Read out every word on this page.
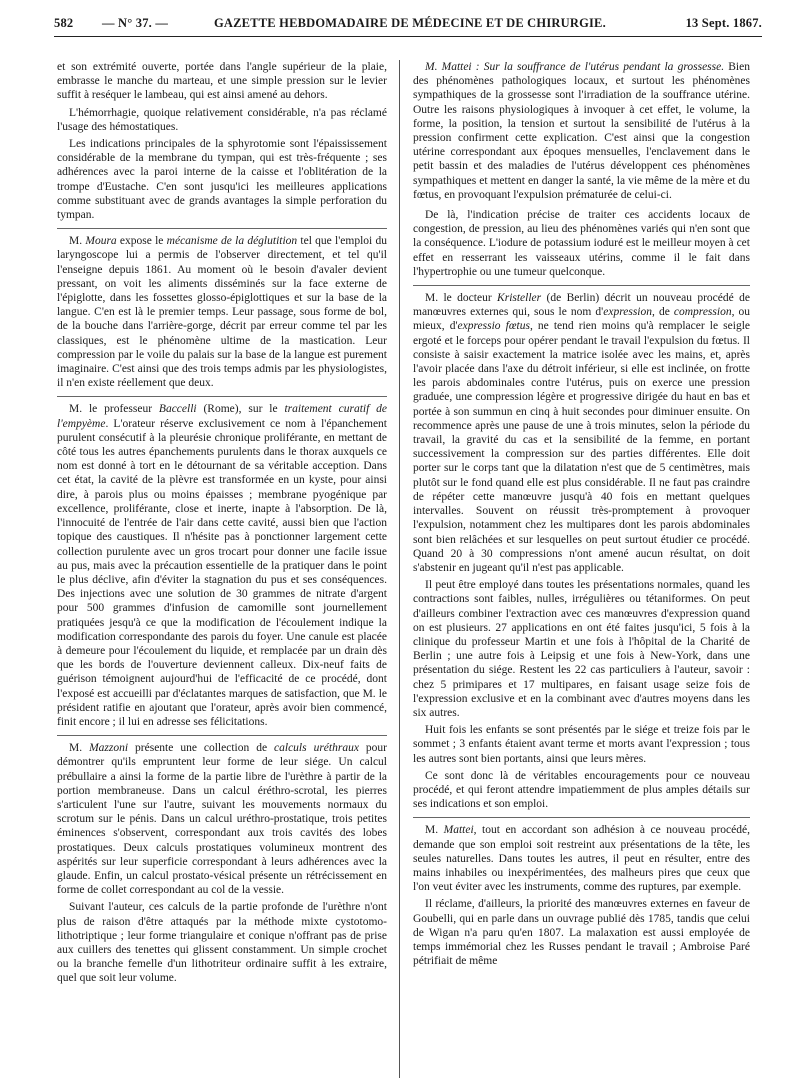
582 — N° 37. —	GAZETTE HEBDOMADAIRE DE MÉDECINE ET DE CHIRURGIE.	13 Sept. 1867.

et son extrémité ouverte, portée dans l'angle supérieur de la plaie, embrasse le manche du marteau, et une simple pression sur le levier suffit à reséquer le lambeau, qui est ainsi amené au dehors.

L'hémorrhagie, quoique relativement considérable, n'a pas réclamé l'usage des hémostatiques.

Les indications principales de la sphyrotomie sont l'épaississement considérable de la membrane du tympan, qui est très-fréquente ; ses adhérences avec la paroi interne de la caisse et l'oblitération de la trompe d'Eustache. C'en sont jusqu'ici les meilleures applications comme substituant avec de grands avantages la simple perforation du tympan.

M. Moura expose le mécanisme de la déglutition tel que l'emploi du laryngoscope lui a permis de l'observer directement, et tel qu'il l'enseigne depuis 1861. Au moment où le besoin d'avaler devient pressant, on voit les aliments disséminés sur la face externe de l'épiglotte, dans les fossettes glosso-épiglottiques et sur la base de la langue. C'en est là le premier temps. Leur passage, sous forme de bol, de la bouche dans l'arrière-gorge, décrit par erreur comme tel par les classiques, est le phénomène ultime de la mastication. Leur compression par le voile du palais sur la base de la langue est purement imaginaire. C'est ainsi que des trois temps admis par les physiologistes, il n'en existe réellement que deux.

M. le professeur Baccelli (Rome), sur le traitement curatif de l'empyème. L'orateur réserve exclusivement ce nom à l'épanchement purulent consécutif à la pleurésie chronique proliférante, en mettant de côté tous les autres épanchements purulents dans le thorax auxquels ce nom est donné à tort en le détournant de sa véritable acception. Dans cet état, la cavité de la plèvre est transformée en un kyste, pour ainsi dire, à parois plus ou moins épaisses ; membrane pyogénique par excellence, proliférante, close et inerte, inapte à l'absorption. De là, l'innocuité de l'entrée de l'air dans cette cavité, aussi bien que l'action topique des caustiques. Il n'hésite pas à ponctionner largement cette collection purulente avec un gros trocart pour donner une facile issue au pus, mais avec la précaution essentielle de la pratiquer dans le point le plus déclive, afin d'éviter la stagnation du pus et ses conséquences. Des injections avec une solution de 30 grammes de nitrate d'argent pour 500 grammes d'infusion de camomille sont journellement pratiquées jesqu'à ce que la modification de l'écoulement indique la modification correspondante des parois du foyer. Une canule est placée à demeure pour l'écoulement du liquide, et remplacée par un drain dès que les bords de l'ouverture deviennent calleux. Dix-neuf faits de guérison témoignent aujourd'hui de l'efficacité de ce procédé, dont l'exposé est accueilli par d'éclatantes marques de satisfaction, que M. le président ratifie en ajoutant que l'orateur, après avoir bien commencé, finit encore ; il lui en adresse ses félicitations.

M. Mazzoni présente une collection de calculs uréthraux pour démontrer qu'ils empruntent leur forme de leur siége. Un calcul prébullaire a ainsi la forme de la partie libre de l'urèthre à partir de la portion membraneuse. Dans un calcul éréthro-scrotal, les pierres s'articulent l'une sur l'autre, suivant les mouvements normaux du scrotum sur le pénis. Dans un calcul uréthro-prostatique, trois petites éminences s'observent, correspondant aux trois cavités des lobes prostatiques. Deux calculs prostatiques volumineux montrent des aspérités sur leur superficie correspondant à leurs adhérences avec la glaude. Enfin, un calcul prostato-vésical présente un rétrécissement en forme de collet correspondant au col de la vessie.

Suivant l'auteur, ces calculs de la partie profonde de l'urèthre n'ont plus de raison d'être attaqués par la méthode mixte cystotomo-lithotriptique ; leur forme triangulaire et conique n'offrant pas de prise aux cuillers des tenettes qui glissent constamment. Un simple crochet ou la branche femelle d'un lithotriteur ordinaire suffit à les extraire, quel que soit leur volume.

M. Mattei : Sur la souffrance de l'utérus pendant la grossesse. Bien des phénomènes pathologiques locaux, et surtout les phénomènes sympathiques de la grossesse sont l'irradiation de la souffrance utérine. Outre les raisons physiologiques à invoquer à cet effet, le volume, la forme, la position, la tension et surtout la sensibilité de l'utérus à la pression confirment cette explication. C'est ainsi que la congestion utérine correspondant aux époques mensuelles, l'enclavement dans le petit bassin et des maladies de l'utérus développent ces phénomènes sympathiques et mettent en danger la santé, la vie même de la mère et du fœtus, en provoquant l'expulsion prématurée de celui-ci.

De là, l'indication précise de traiter ces accidents locaux de congestion, de pression, au lieu des phénomènes variés qui n'en sont que la conséquence. L'iodure de potassium ioduré est le meilleur moyen à cet effet en resserrant les vaisseaux utérins, comme il le fait dans l'hypertrophie ou une tumeur quelconque.

M. le docteur Kristeller (de Berlin) décrit un nouveau procédé de manœuvres externes qui, sous le nom d'expression, de compression, ou mieux, d'expressio fœtus, ne tend rien moins qu'à remplacer le seigle ergoté et le forceps pour opérer pendant le travail l'expulsion du fœtus. Il consiste à saisir exactement la matrice isolée avec les mains, et, après l'avoir placée dans l'axe du détroit inférieur, si elle est inclinée, on frotte les parois abdominales contre l'utérus, puis on exerce une pression graduée, une compression légère et progressive dirigée du haut en bas et portée à son summun en cinq à huit secondes pour diminuer ensuite. On recommence après une pause de une à trois minutes, selon la période du travail, la gravité du cas et la sensibilité de la femme, en portant successivement la compression sur des parties différentes. Elle doit porter sur le corps tant que la dilatation n'est que de 5 centimètres, mais plutôt sur le fond quand elle est plus considérable. Il ne faut pas craindre de répéter cette manœuvre jusqu'à 40 fois en mettant quelques intervalles. Souvent on réussit très-promptement à provoquer l'expulsion, notamment chez les multipares dont les parois abdominales sont bien relâchées et sur lesquelles on peut surtout étudier ce procédé. Quand 20 à 30 compressions n'ont amené aucun résultat, on doit s'abstenir en jugeant qu'il n'est pas applicable.

Il peut être employé dans toutes les présentations normales, quand les contractions sont faibles, nulles, irrégulières ou tétaniformes. On peut d'ailleurs combiner l'extraction avec ces manœuvres d'expression quand on est plusieurs. 27 applications en ont été faites jusqu'ici, 5 fois à la clinique du professeur Martin et une fois à l'hôpital de la Charité de Berlin ; une autre fois à Leipsig et une fois à New-York, dans une présentation du siége. Restent les 22 cas particuliers à l'auteur, savoir : chez 5 primipares et 17 multipares, en faisant usage seize fois de l'expression exclusive et en la combinant avec d'autres moyens dans les six autres.

Huit fois les enfants se sont présentés par le siége et treize fois par le sommet ; 3 enfants étaient avant terme et morts avant l'expression ; tous les autres sont bien portants, ainsi que leurs mères.

Ce sont donc là de véritables encouragements pour ce nouveau procédé, et qui feront attendre impatiemment de plus amples détails sur ses indications et son emploi.

M. Mattei, tout en accordant son adhésion à ce nouveau procédé, demande que son emploi soit restreint aux présentations de la tête, les seules naturelles. Dans toutes les autres, il peut en résulter, entre des mains inhabiles ou inexpérimentées, des malheurs pires que ceux que l'on veut éviter avec les instruments, comme des ruptures, par exemple.

Il réclame, d'ailleurs, la priorité des manœuvres externes en faveur de Goubelli, qui en parle dans un ouvrage publié dès 1785, tandis que celui de Wigan n'a paru qu'en 1807. La malaxation est aussi employée de temps immémorial chez les Russes pendant le travail ; Ambroise Paré pétrifiait de même
